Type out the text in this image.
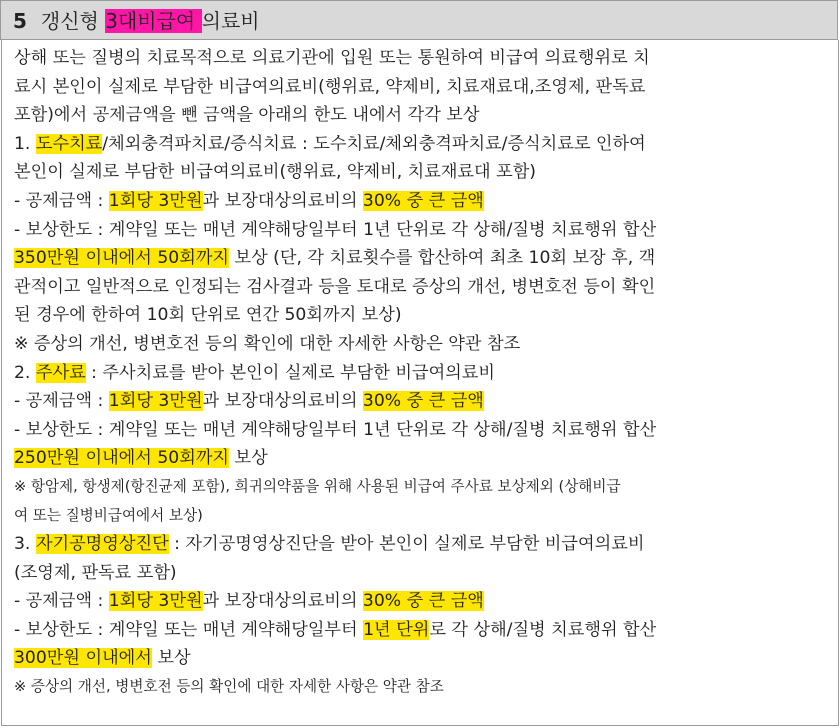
5 갱신형 3대비급여 의료비
상해 또는 질병의 치료목적으로 의료기관에 입원 또는 통원하여 비급여 의료행위로 치
료시 본인이 실제로 부담한 비급여의료비(행위료, 약제비, 치료재료대,조영제, 판독료
포함)에서 공제금액을 뺀 금액을 아래의 한도 내에서 각각 보상
1. 도수치료/체외충격파치료/증식치료 : 도수치료/체외충격파치료/증식치료로 인하여
본인이 실제로 부담한 비급여의료비(행위료, 약제비, 치료재료대 포함)
- 공제금액 : 1회당 3만원과 보장대상의료비의 30% 중 큰 금액
- 보상한도 : 계약일 또는 매년 계약해당일부터 1년 단위로 각 상해/질병 치료행위 합산
350만원 이내에서 50회까지 보상 (단, 각 치료횟수를 합산하여 최초 10회 보장 후, 객
관적이고 일반적으로 인정되는 검사결과 등을 토대로 증상의 개선, 병변호전 등이 확인
된 경우에 한하여 10회 단위로 연간 50회까지 보상)
※ 증상의 개선, 병변호전 등의 확인에 대한 자세한 사항은 약관 참조
2. 주사료 : 주사치료를 받아 본인이 실제로 부담한 비급여의료비
- 공제금액 : 1회당 3만원과 보장대상의료비의 30% 중 큰 금액
- 보상한도 : 계약일 또는 매년 계약해당일부터 1년 단위로 각 상해/질병 치료행위 합산
250만원 이내에서 50회까지 보상
※ 항암제, 항생제(항진균제 포함), 희귀의약품을 위해 사용된 비급여 주사료 보상제외 (상해비급
여 또는 질병비급여에서 보상)
3. 자기공명영상진단 : 자기공명영상진단을 받아 본인이 실제로 부담한 비급여의료비
(조영제, 판독료 포함)
- 공제금액 : 1회당 3만원과 보장대상의료비의 30% 중 큰 금액
- 보상한도 : 계약일 또는 매년 계약해당일부터 1년 단위로 각 상해/질병 치료행위 합산
300만원 이내에서 보상
※ 증상의 개선, 병변호전 등의 확인에 대한 자세한 사항은 약관 참조
